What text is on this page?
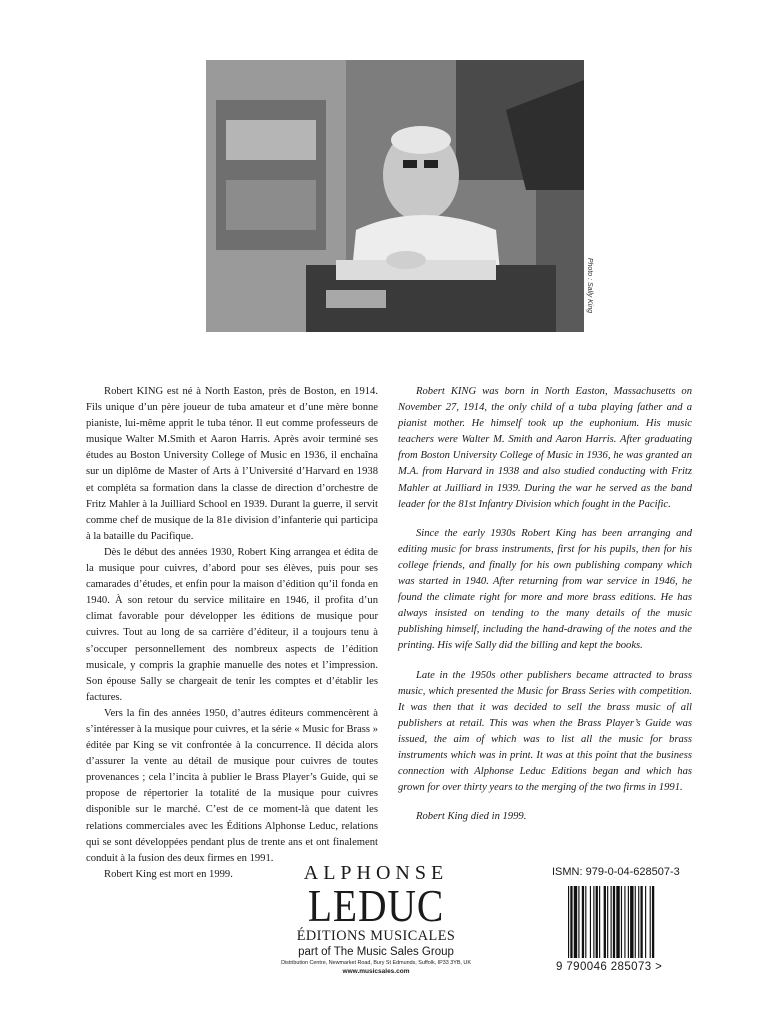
Photo : Sally King

Robert KING est né à North Easton, près de Boston, en 1914. Fils unique d’un père joueur de tuba amateur et d’une mère bonne pianiste, lui-même apprit le tuba ténor. Il eut comme professeurs de musique Walter M.Smith et Aaron Harris. Après avoir terminé ses études au Boston University College of Music en 1936, il enchaîna sur un diplôme de Master of Arts à l’Université d’Harvard en 1938 et compléta sa formation dans la classe de direction d’orchestre de Fritz Mahler à la Juilliard School en 1939. Durant la guerre, il servit comme chef de musique de la 81e division d’infanterie qui participa à la bataille du Pacifique.

Dès le début des années 1930, Robert King arrangea et édita de la musique pour cuivres, d’abord pour ses élèves, puis pour ses camarades d’études, et enfin pour la maison d’édition qu’il fonda en 1940. À son retour du service militaire en 1946, il profita d’un climat favorable pour développer les éditions de musique pour cuivres. Tout au long de sa carrière d’éditeur, il a toujours tenu à s’occuper personnellement des nombreux aspects de l’édition musicale, y compris la graphie manuelle des notes et l’impression. Son épouse Sally se chargeait de tenir les comptes et d’établir les factures.

Vers la fin des années 1950, d’autres éditeurs commencèrent à s’intéresser à la musique pour cuivres, et la série « Music for Brass » éditée par King se vit confrontée à la concurrence. Il décida alors d’assurer la vente au détail de musique pour cuivres de toutes provenances ; cela l’incita à publier le Brass Player’s Guide, qui se propose de répertorier la totalité de la musique pour cuivres disponible sur le marché. C’est de ce moment-là que datent les relations commerciales avec les Éditions Alphonse Leduc, relations qui se sont développées pendant plus de trente ans et ont finalement conduit à la fusion des deux firmes en 1991.

Robert King est mort en 1999.

Robert KING was born in North Easton, Massachusetts on November 27, 1914, the only child of a tuba playing father and a pianist mother. He himself took up the euphonium. His music teachers were Walter M. Smith and Aaron Harris. After graduating from Boston University College of Music in 1936, he was granted an M.A. from Harvard in 1938 and also studied conducting with Fritz Mahler at Juilliard in 1939. During the war he served as the band leader for the 81st Infantry Division which fought in the Pacific.

Since the early 1930s Robert King has been arranging and editing music for brass instruments, first for his pupils, then for his college friends, and finally for his own publishing company which was started in 1940. After returning from war service in 1946, he found the climate right for more and more brass editions. He has always insisted on tending to the many details of the music publishing himself, including the hand-drawing of the notes and the printing. His wife Sally did the billing and kept the books.

Late in the 1950s other publishers became attracted to brass music, which presented the Music for Brass Series with competition. It was then that it was decided to sell the brass music of all publishers at retail. This was when the Brass Player’s Guide was issued, the aim of which was to list all the music for brass instruments which was in print. It was at this point that the business connection with Alphonse Leduc Editions began and which has grown for over thirty years to the merging of the two firms in 1991.

Robert King died in 1999.

ALPHONSE
LEDUC
ÉDITIONS MUSICALES
part of The Music Sales Group
Distribution Centre, Newmarket Road, Bury St Edmunds, Suffolk, IP33 3YB, UK
www.musicsales.com
ISMN: 979-0-04-628507-3
9 790046 285073 >
